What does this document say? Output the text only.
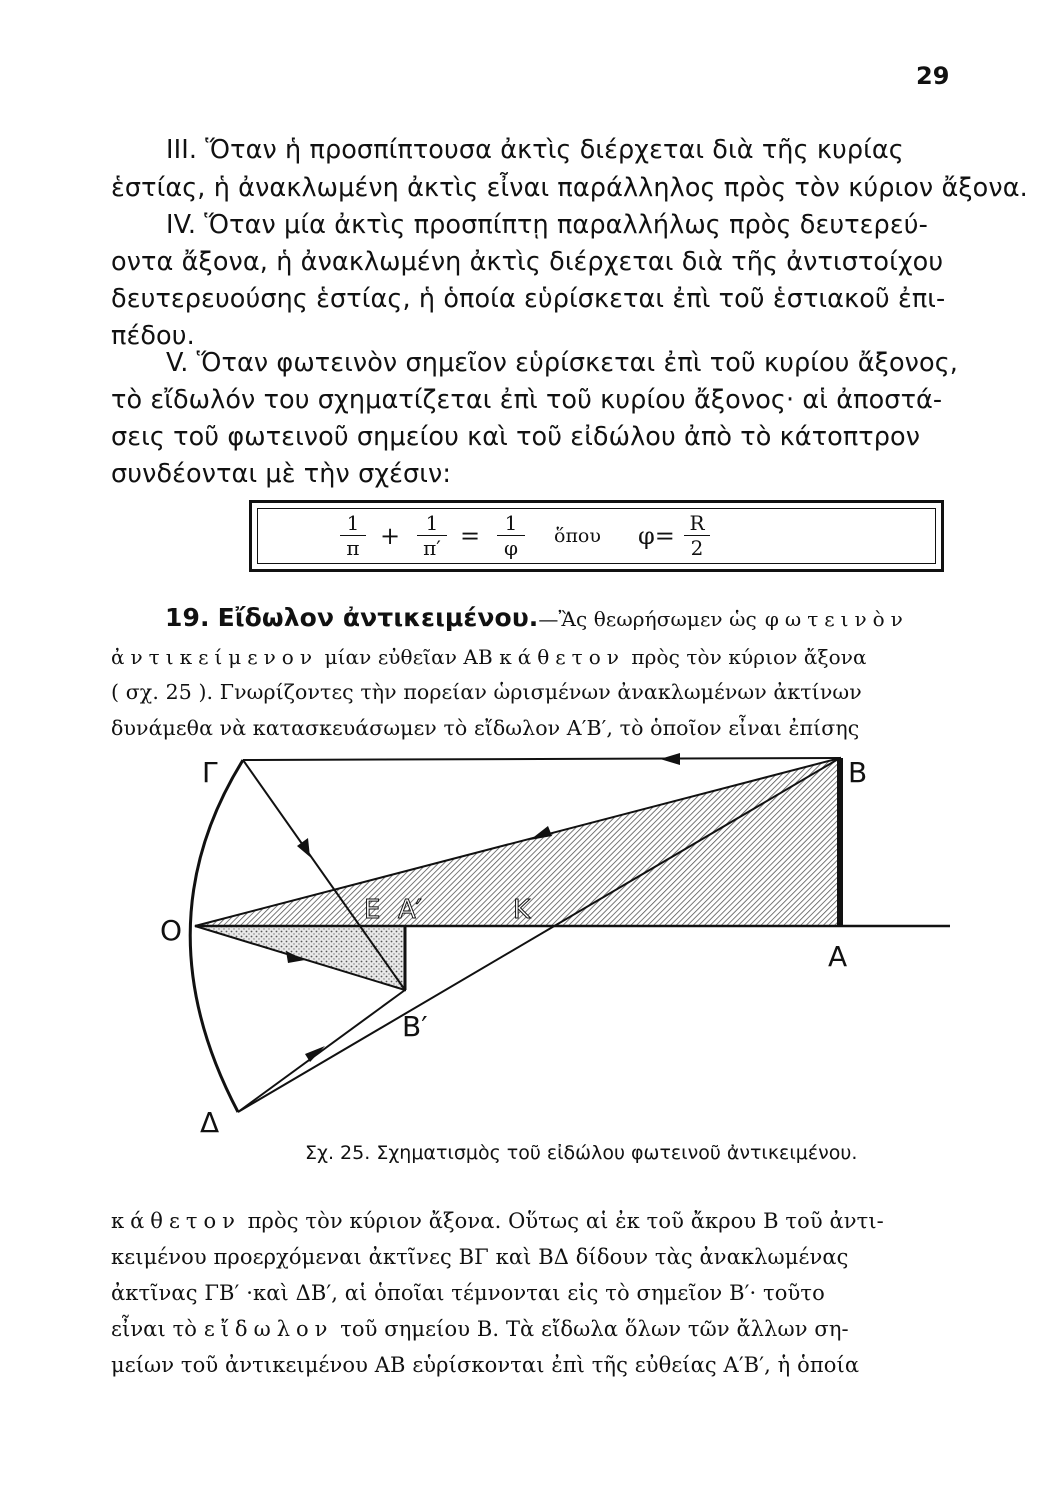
29
III. Ὅταν ἡ προσπίπτουσα ἀκτὶς διέρχεται διὰ τῆς κυρίας
ἑστίας, ἡ ἀνακλωμένη ἀκτὶς εἶναι παράλληλος πρὸς τὸν κύριον ἄξονα.
IV. Ὅταν μία ἀκτὶς προσπίπτῃ παραλλήλως πρὸς δευτερεύ-
οντα ἄξονα, ἡ ἀνακλωμένη ἀκτὶς διέρχεται διὰ τῆς ἀντιστοίχου
δευτερευούσης ἑστίας, ἡ ὁποία εὑρίσκεται ἐπὶ τοῦ ἑστιακοῦ ἐπι-
πέδου.
V. Ὅταν φωτεινὸν σημεῖον εὑρίσκεται ἐπὶ τοῦ κυρίου ἄξονος,
τὸ εἴδωλόν του σχηματίζεται ἐπὶ τοῦ κυρίου ἄξονος· αἱ ἀποστά-
σεις τοῦ φωτεινοῦ σημείου καὶ τοῦ εἰδώλου ἀπὸ τὸ κάτοπτρον
συνδέονται μὲ τὴν σχέσιν:
$\frac{1}{\pi} + \frac{1}{\pi'} = \frac{1}{\varphi}$ ὅπου $\varphi= \frac{R}{2}$
19. Εἴδωλον ἀντικειμένου.—Ἂς θεωρήσωμεν ὡς φωτεινὸν
ἀντικείμενον μίαν εὐθεῖαν ΑΒ κάθετον πρὸς τὸν κύριον ἄξονα
( σχ. 25 ). Γνωρίζοντες τὴν πορείαν ὡρισμένων ἀνακλωμένων ἀκτίνων
δυνάμεθα νὰ κατασκευάσωμεν τὸ εἴδωλον Α′Β′, τὸ ὁποῖον εἶναι ἐπίσης
Γ	B
O
E A′	K
A
B′
Δ
Σχ. 25. Σχηματισμὸς τοῦ εἰδώλου φωτεινοῦ ἀντικειμένου.
κάθετον πρὸς τὸν κύριον ἄξονα. Οὕτως αἱ ἐκ τοῦ ἄκρου Β τοῦ ἀντι-
κειμένου προερχόμεναι ἀκτῖνες ΒΓ καὶ ΒΔ δίδουν τὰς ἀνακλωμένας
ἀκτῖνας ΓΒ′ ·καὶ ΔΒ′, αἱ ὁποῖαι τέμνονται εἰς τὸ σημεῖον Β′· τοῦτο
εἶναι τὸ εἴδωλον τοῦ σημείου Β. Τὰ εἴδωλα ὅλων τῶν ἄλλων ση-
μείων τοῦ ἀντικειμένου ΑΒ εὑρίσκονται ἐπὶ τῆς εὐθείας Α′Β′, ἡ ὁποία
